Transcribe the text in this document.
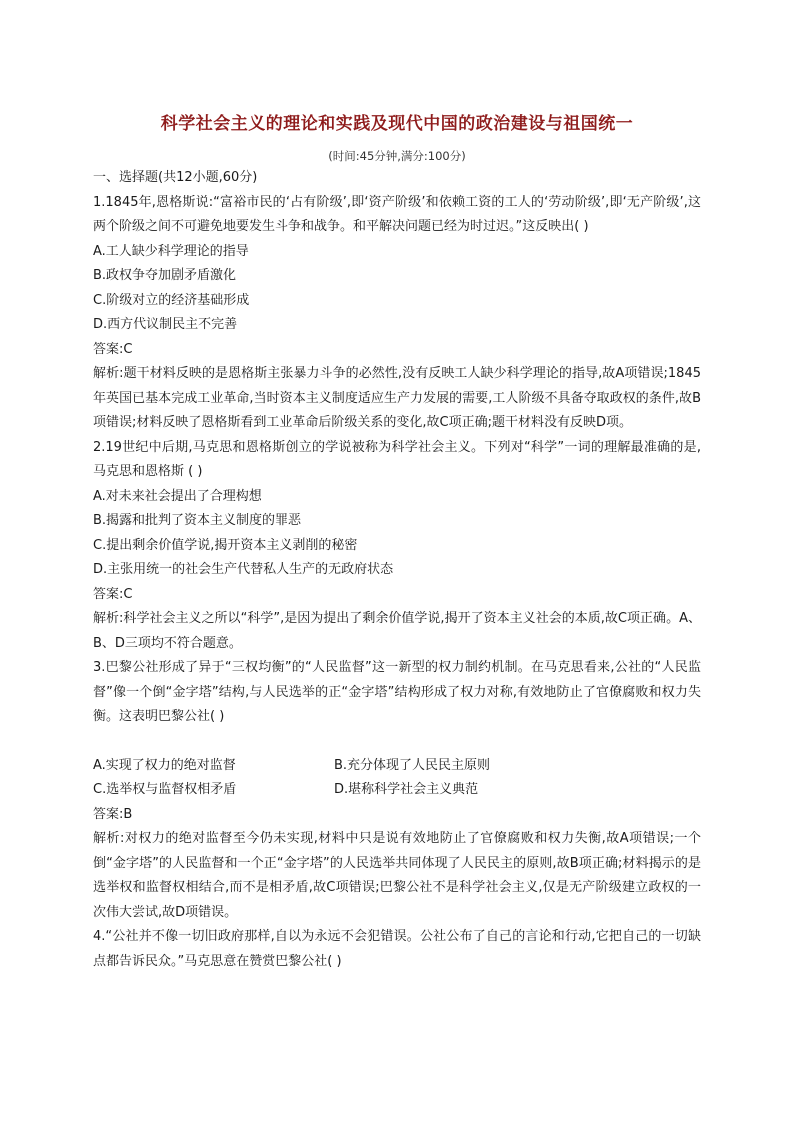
科学社会主义的理论和实践及现代中国的政治建设与祖国统一
(时间:45分钟,满分:100分)
一、选择题(共12小题,60分)
1.1845年,恩格斯说:“富裕市民的‘占有阶级’,即‘资产阶级’和依赖工资的工人的‘劳动阶级’,即‘无产阶级’,这两个阶级之间不可避免地要发生斗争和战争。和平解决问题已经为时过迟。”这反映出( )
A.工人缺少科学理论的指导
B.政权争夺加剧矛盾激化
C.阶级对立的经济基础形成
D.西方代议制民主不完善
答案:C
解析:题干材料反映的是恩格斯主张暴力斗争的必然性,没有反映工人缺少科学理论的指导,故A项错误;1845年英国已基本完成工业革命,当时资本主义制度适应生产力发展的需要,工人阶级不具备夺取政权的条件,故B项错误;材料反映了恩格斯看到工业革命后阶级关系的变化,故C项正确;题干材料没有反映D项。
2.19世纪中后期,马克思和恩格斯创立的学说被称为科学社会主义。下列对“科学”一词的理解最准确的是,马克思和恩格斯 ( )
A.对未来社会提出了合理构想
B.揭露和批判了资本主义制度的罪恶
C.提出剩余价值学说,揭开资本主义剥削的秘密
D.主张用统一的社会生产代替私人生产的无政府状态
答案:C
解析:科学社会主义之所以“科学”,是因为提出了剩余价值学说,揭开了资本主义社会的本质,故C项正确。A、B、D三项均不符合题意。
3.巴黎公社形成了异于“三权均衡”的“人民监督”这一新型的权力制约机制。在马克思看来,公社的“人民监督”像一个倒“金字塔”结构,与人民选举的正“金字塔”结构形成了权力对称,有效地防止了官僚腐败和权力失衡。这表明巴黎公社( )
A.实现了权力的绝对监督	B.充分体现了人民民主原则
C.选举权与监督权相矛盾	D.堪称科学社会主义典范
答案:B
解析:对权力的绝对监督至今仍未实现,材料中只是说有效地防止了官僚腐败和权力失衡,故A项错误;一个倒“金字塔”的人民监督和一个正“金字塔”的人民选举共同体现了人民民主的原则,故B项正确;材料揭示的是选举权和监督权相结合,而不是相矛盾,故C项错误;巴黎公社不是科学社会主义,仅是无产阶级建立政权的一次伟大尝试,故D项错误。
4.“公社并不像一切旧政府那样,自以为永远不会犯错误。公社公布了自己的言论和行动,它把自己的一切缺点都告诉民众。”马克思意在赞赏巴黎公社( )
